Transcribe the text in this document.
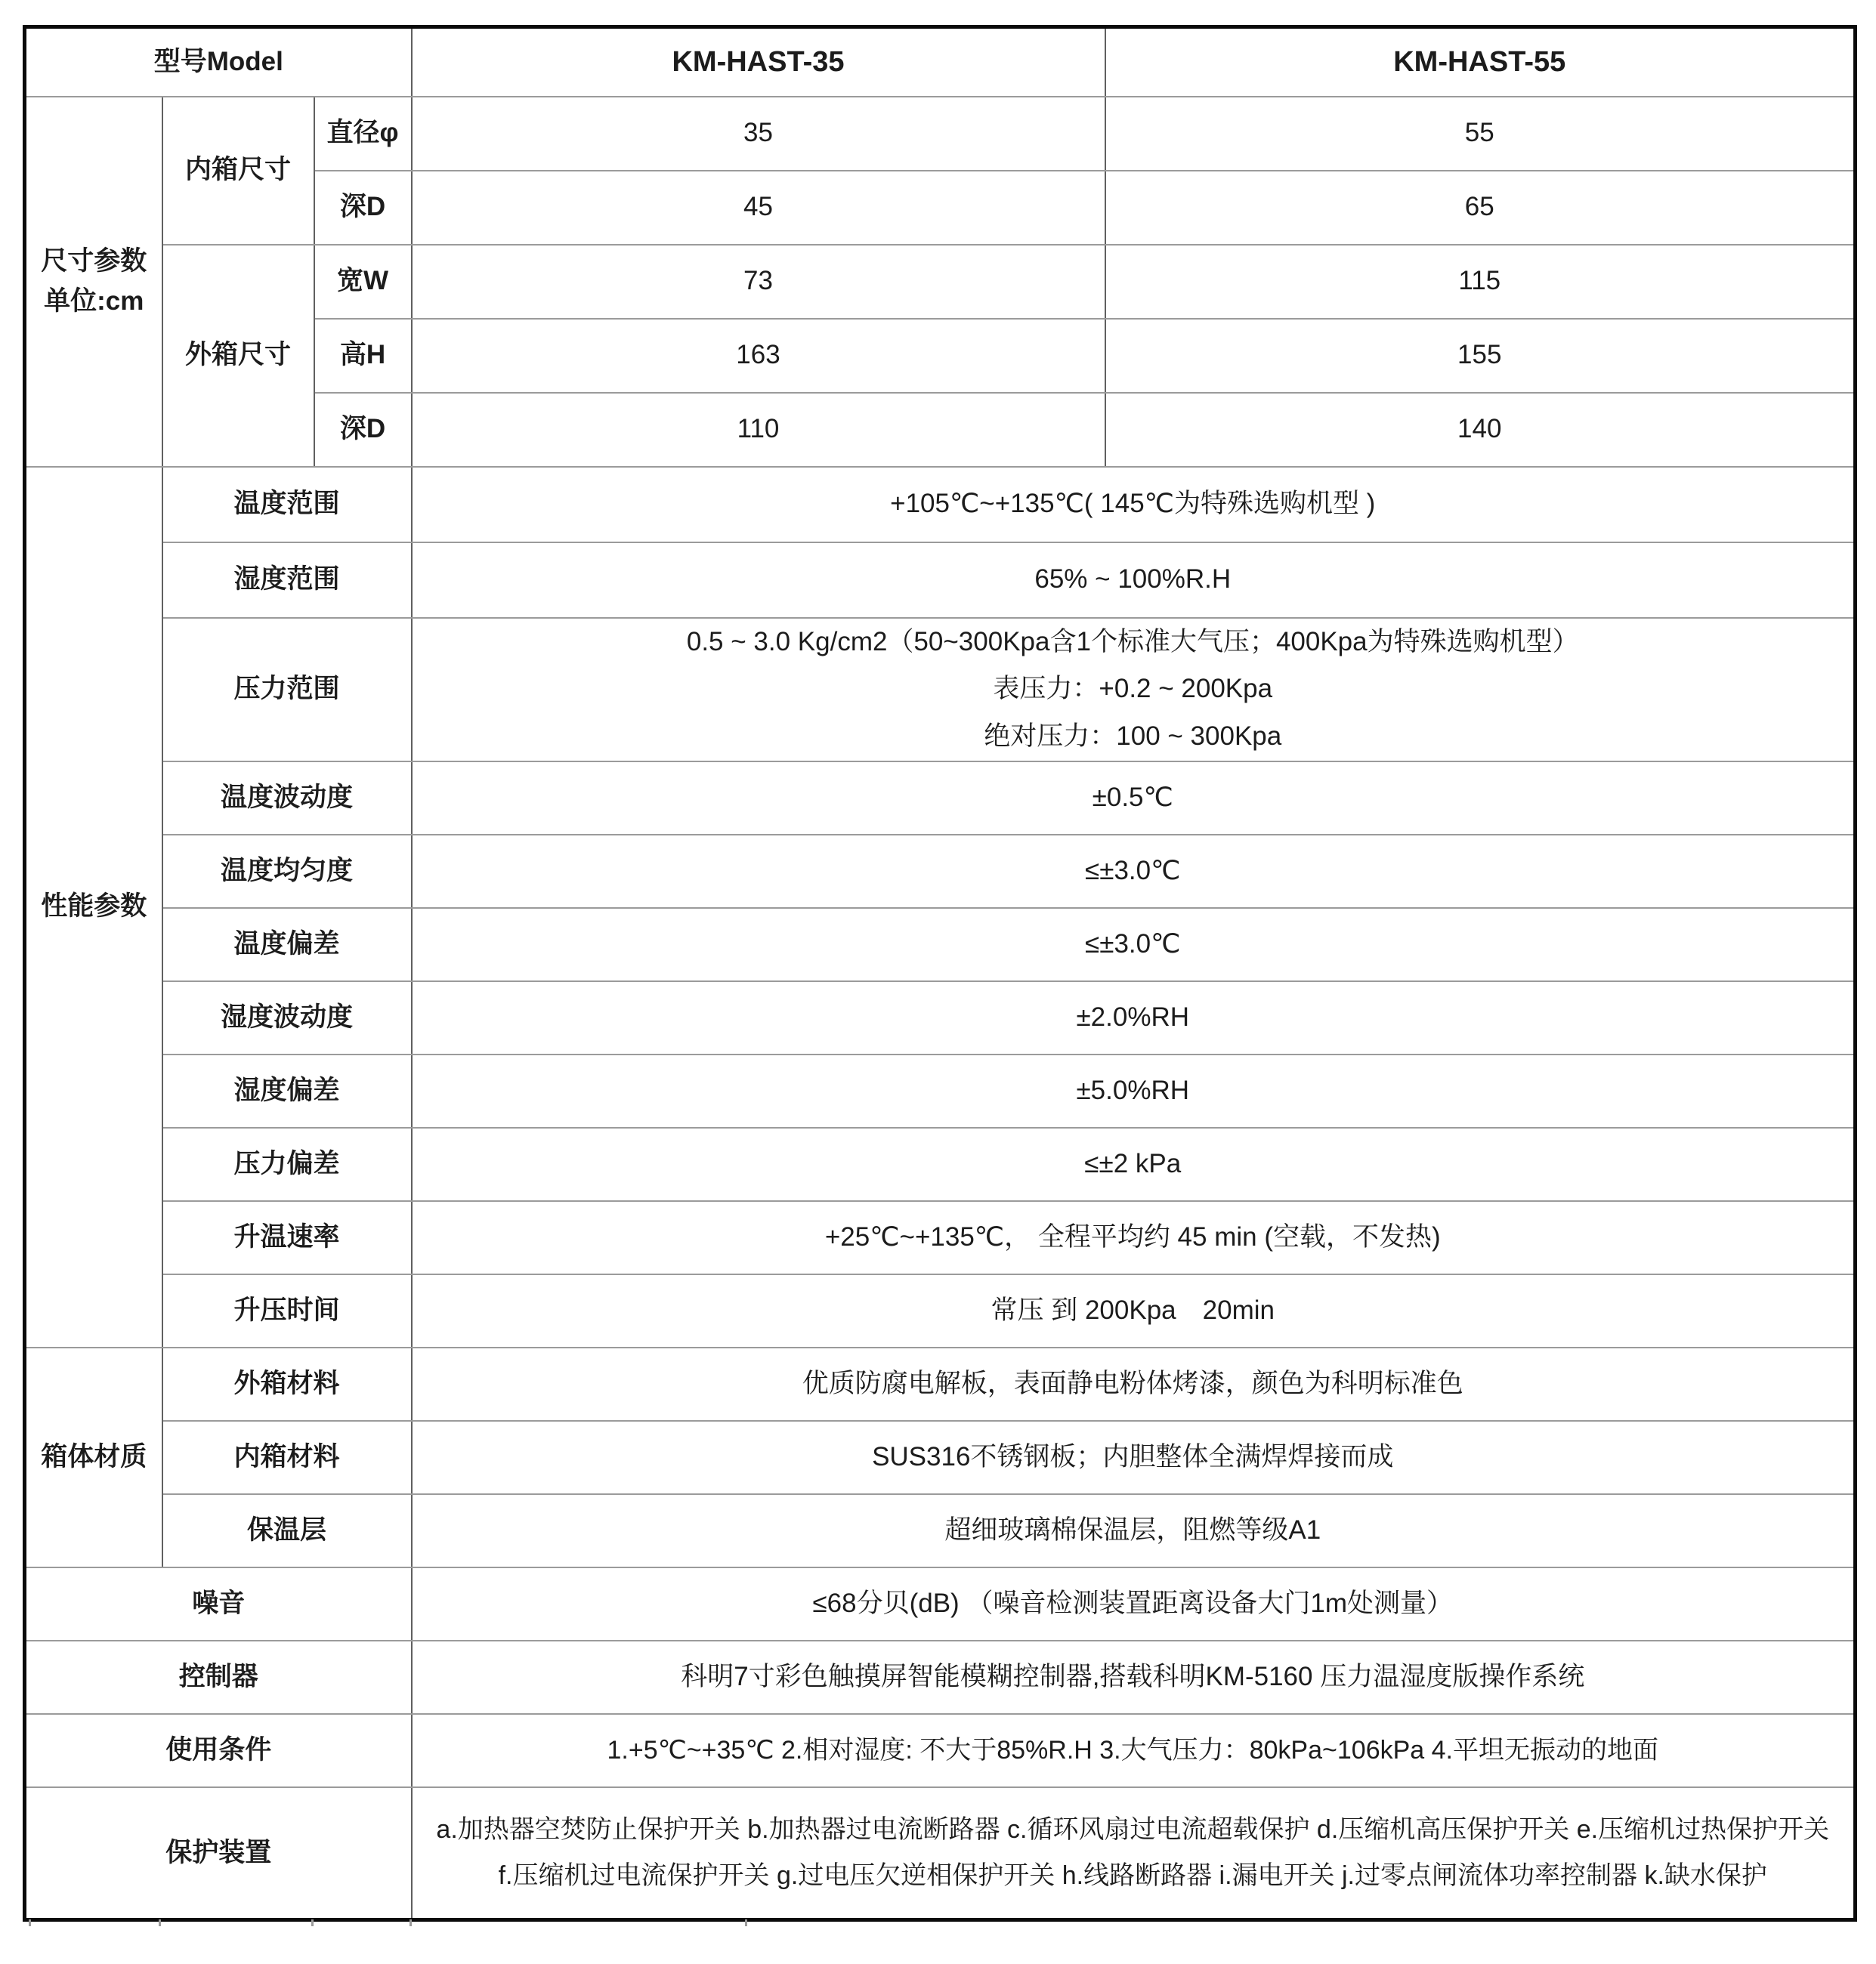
型号Model			KM-HAST-35	KM-HAST-55

尺寸参数
单位:cm	内箱尺寸	直径φ	35	55
		深D	45	65
	外箱尺寸	宽W	73	115
		高H	163	155
		深D	110	140
性能参数	温度范围		+105℃~+135℃( 145℃为特殊选购机型 )	
	湿度范围		65% ~ 100%R.H	
	压力范围		0.5 ~ 3.0 Kg/cm2（50~300Kpa含1个标准大气压；400Kpa为特殊选购机型）
表压力：+0.2 ~ 200Kpa
绝对压力：100 ~ 300Kpa	

	温度波动度		±0.5℃	
	温度均匀度		≤±3.0℃	
	温度偏差		≤±3.0℃	
	湿度波动度		±2.0%RH	
	湿度偏差		±5.0%RH	
	压力偏差		≤±2 kPa	
	升温速率		+25℃~+135℃， 全程平均约 45 min (空载，不发热)	
	升压时间		常压 到 200Kpa　20min	
箱体材质	外箱材料		优质防腐电解板，表面静电粉体烤漆，颜色为科明标准色	
	内箱材料		SUS316不锈钢板；内胆整体全满焊焊接而成	
	保温层		超细玻璃棉保温层，阻燃等级A1	
噪音			≤68分贝(dB) （噪音检测装置距离设备大门1m处测量）	
控制器			科明7寸彩色触摸屏智能模糊控制器,搭载科明KM-5160 压力温湿度版操作系统	
使用条件			1.+5℃~+35℃ 2.相对湿度: 不大于85%R.H 3.大气压力：80kPa~106kPa 4.平坦无振动的地面	
保护装置			a.加热器空焚防止保护开关 b.加热器过电流断路器 c.循环风扇过电流超载保护 d.压缩机高压保护开关 e.压缩机过热保护开关
f.压缩机过电流保护开关 g.过电压欠逆相保护开关 h.线路断路器 i.漏电开关 j.过零点闸流体功率控制器 k.缺水保护	
